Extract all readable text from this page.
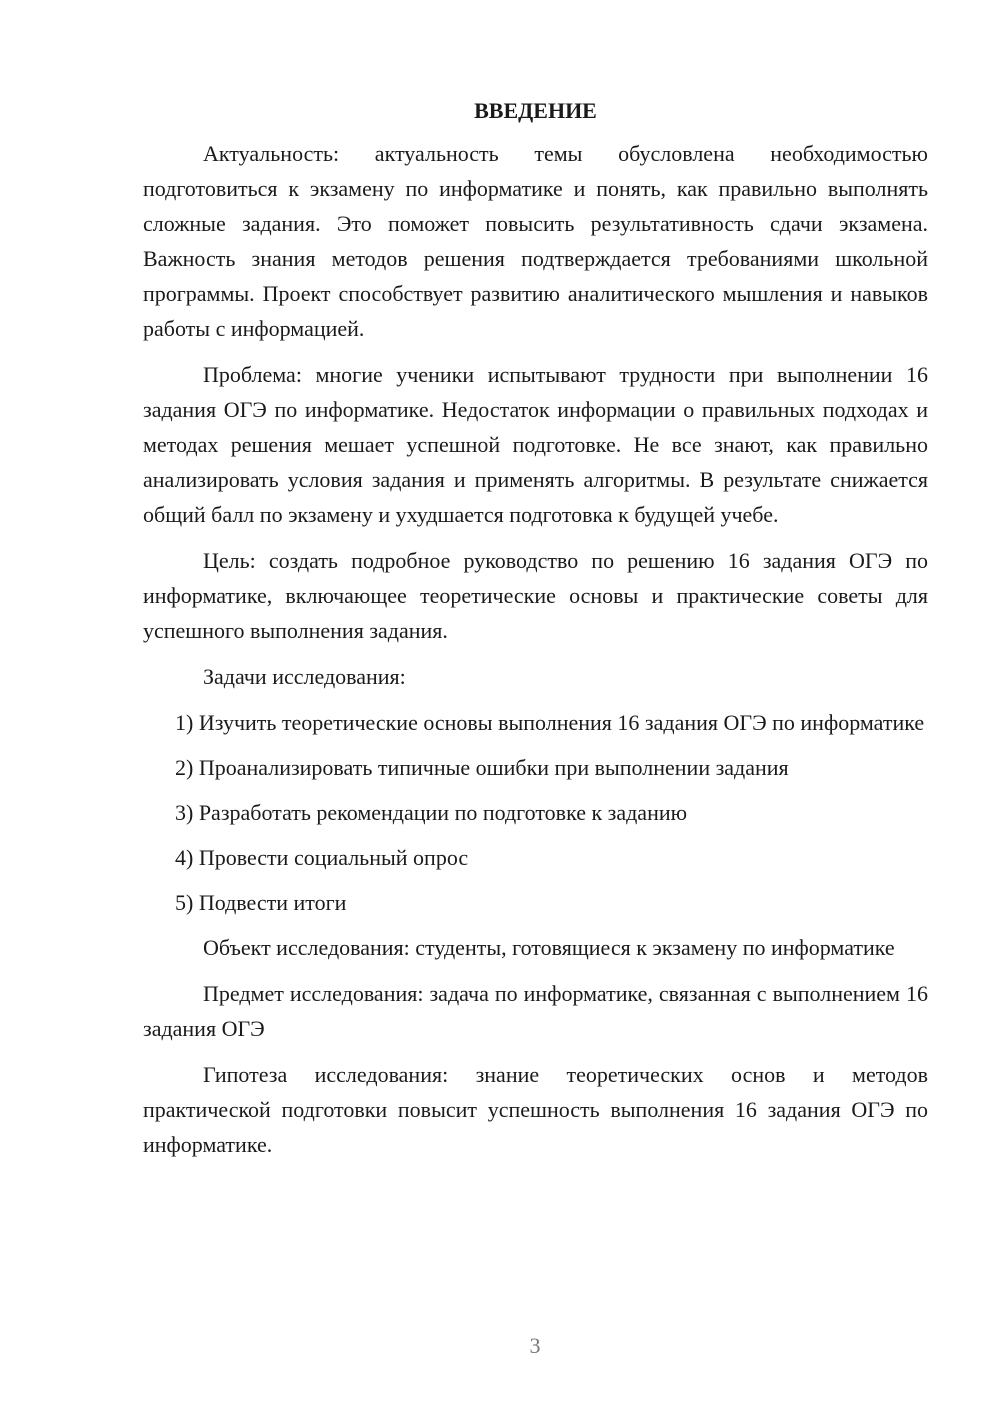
ВВЕДЕНИЕ

Актуальность: актуальность темы обусловлена необходимостью подготовиться к экзамену по информатике и понять, как правильно выполнять сложные задания. Это поможет повысить результативность сдачи экзамена. Важность знания методов решения подтверждается требованиями школьной программы. Проект способствует развитию аналитического мышления и навыков работы с информацией.

Проблема: многие ученики испытывают трудности при выполнении 16 задания ОГЭ по информатике. Недостаток информации о правильных подходах и методах решения мешает успешной подготовке. Не все знают, как правильно анализировать условия задания и применять алгоритмы. В результате снижается общий балл по экзамену и ухудшается подготовка к будущей учебе.

Цель: создать подробное руководство по решению 16 задания ОГЭ по информатике, включающее теоретические основы и практические советы для успешного выполнения задания.

Задачи исследования:

1) Изучить теоретические основы выполнения 16 задания ОГЭ по информатике

2) Проанализировать типичные ошибки при выполнении задания

3) Разработать рекомендации по подготовке к заданию

4) Провести социальный опрос

5) Подвести итоги

Объект исследования: студенты, готовящиеся к экзамену по информатике

Предмет исследования: задача по информатике, связанная с выполнением 16 задания ОГЭ

Гипотеза исследования: знание теоретических основ и методов практической подготовки повысит успешность выполнения 16 задания ОГЭ по информатике.

3
